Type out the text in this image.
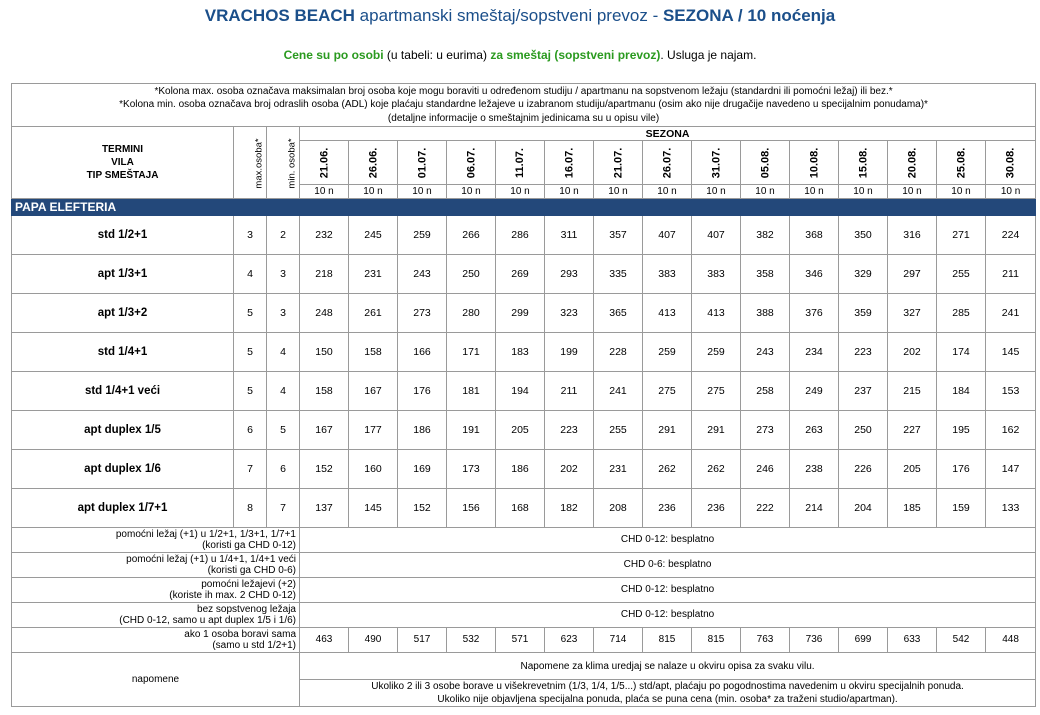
VRACHOS BEACH apartmanski smeštaj/sopstveni prevoz - SEZONA / 10 noćenja
Cene su po osobi (u tabeli: u eurima) za smeštaj (sopstveni prevoz). Usluga je najam.
*Kolona max. osoba označava maksimalan broj osoba koje mogu boraviti u određenom studiju / apartmanu na sopstvenom ležaju (standardni ili pomoćni ležaj) ili bez.*
*Kolona min. osoba označava broj odraslih osoba (ADL) koje plaćaju standardne ležajeve u izabranom studiju/apartmanu (osim ako nije drugačije navedeno u specijalnim ponudama)*
(detaljne informacije o smeštajnim jedinicama su u opisu vile)																	

TERMINI
VILA
TIP SMEŠTAJA	max.osoba*	min. osoba*	SEZONA														
			21.06.	26.06.	01.07.	06.07.	11.07.	16.07.	21.07.	26.07.	31.07.	05.08.	10.08.	15.08.	20.08.	25.08.	30.08.
			10 n	10 n	10 n	10 n	10 n	10 n	10 n	10 n	10 n	10 n	10 n	10 n	10 n	10 n	10 n
PAPA ELEFTERIA																	
std 1/2+1	3	2	232	245	259	266	286	311	357	407	407	382	368	350	316	271	224
apt 1/3+1	4	3	218	231	243	250	269	293	335	383	383	358	346	329	297	255	211
apt 1/3+2	5	3	248	261	273	280	299	323	365	413	413	388	376	359	327	285	241
std 1/4+1	5	4	150	158	166	171	183	199	228	259	259	243	234	223	202	174	145
std 1/4+1 veći	5	4	158	167	176	181	194	211	241	275	275	258	249	237	215	184	153
apt duplex 1/5	6	5	167	177	186	191	205	223	255	291	291	273	263	250	227	195	162
apt duplex 1/6	7	6	152	160	169	173	186	202	231	262	262	246	238	226	205	176	147
apt duplex 1/7+1	8	7	137	145	152	156	168	182	208	236	236	222	214	204	185	159	133

pomoćni ležaj (+1) u 1/2+1, 1/3+1, 1/7+1
(koristi ga CHD 0-12)			CHD 0-12: besplatno														

pomoćni ležaj (+1) u 1/4+1, 1/4+1 veći
(koristi ga CHD 0-6)			CHD 0-6: besplatno														

pomoćni ležajevi (+2)
(koriste ih max. 2 CHD 0-12)			CHD 0-12: besplatno														

bez sopstvenog ležaja
(CHD 0-12, samo u apt duplex 1/5 i 1/6)			CHD 0-12: besplatno														

ako 1 osoba boravi sama
(samo u std 1/2+1)			463	490	517	532	571	623	714	815	815	763	736	699	633	542	448
napomene			Napomene za klima uredjaj se nalaze u okviru opisa za svaku vilu.														

			Ukoliko 2 ili 3 osobe borave u višekrevetnim (1/3, 1/4, 1/5...) std/apt, plaćaju po pogodnostima navedenim u okviru specijalnih ponuda.
Ukoliko nije objavljena specijalna ponuda, plaća se puna cena (min. osoba* za traženi studio/apartman).														
